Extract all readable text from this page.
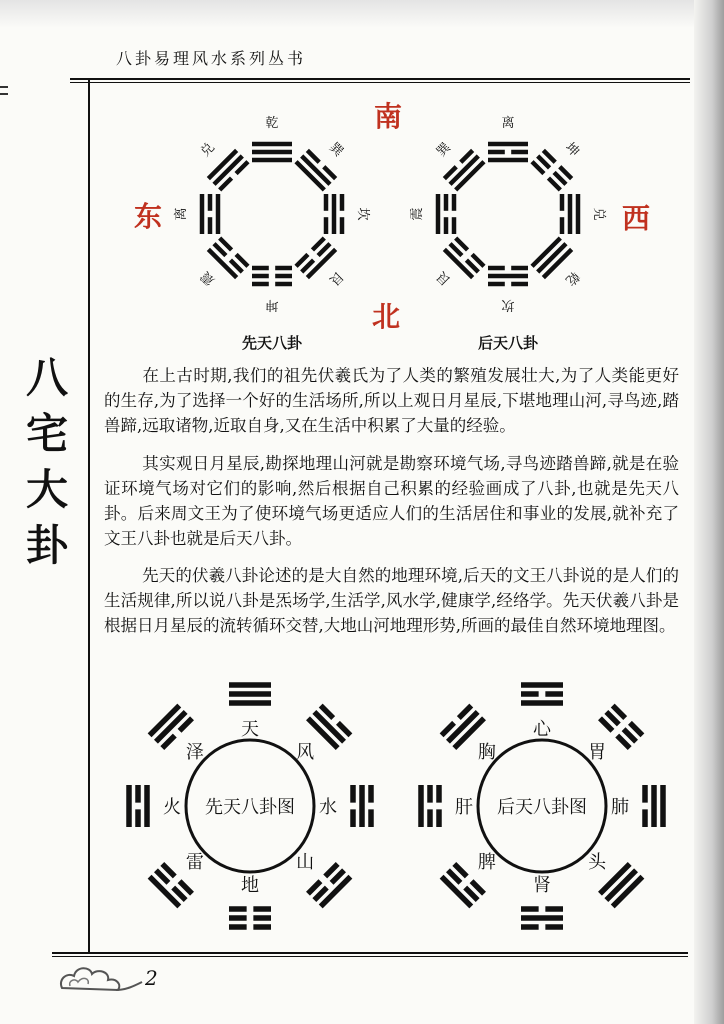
八卦易理风水系列丛书
八
宅
大
卦
乾
巽
坎
艮
坤
震
离
兑
离
坤
兑
乾
坎
艮
震
巽
南
北
东	西
先天八卦	后天八卦

在上古时期,我们的祖先伏羲氏为了人类的繁殖发展壮大,为了人类能更好的生存,为了选择一个好的生活场所,所以上观日月星辰,下堪地理山河,寻鸟迹,踏兽蹄,远取诸物,近取自身,又在生活中积累了大量的经验。

其实观日月星辰,勘探地理山河就是勘察环境气场,寻鸟迹踏兽蹄,就是在验证环境气场对它们的影响,然后根据自己积累的经验画成了八卦,也就是先天八卦。后来周文王为了使环境气场更适应人们的生活居住和事业的发展,就补充了文王八卦也就是后天八卦。

先天的伏羲八卦论述的是大自然的地理环境,后天的文王八卦说的是人们的生活规律,所以说八卦是炁场学,生活学,风水学,健康学,经络学。先天伏羲八卦是根据日月星辰的流转循环交替,大地山河地理形势,所画的最佳自然环境地理图。

先天八卦图
天
风
水
山
地
雷
火
泽
后天八卦图
心
胃
肺
头
肾
脾
肝
胸
2
